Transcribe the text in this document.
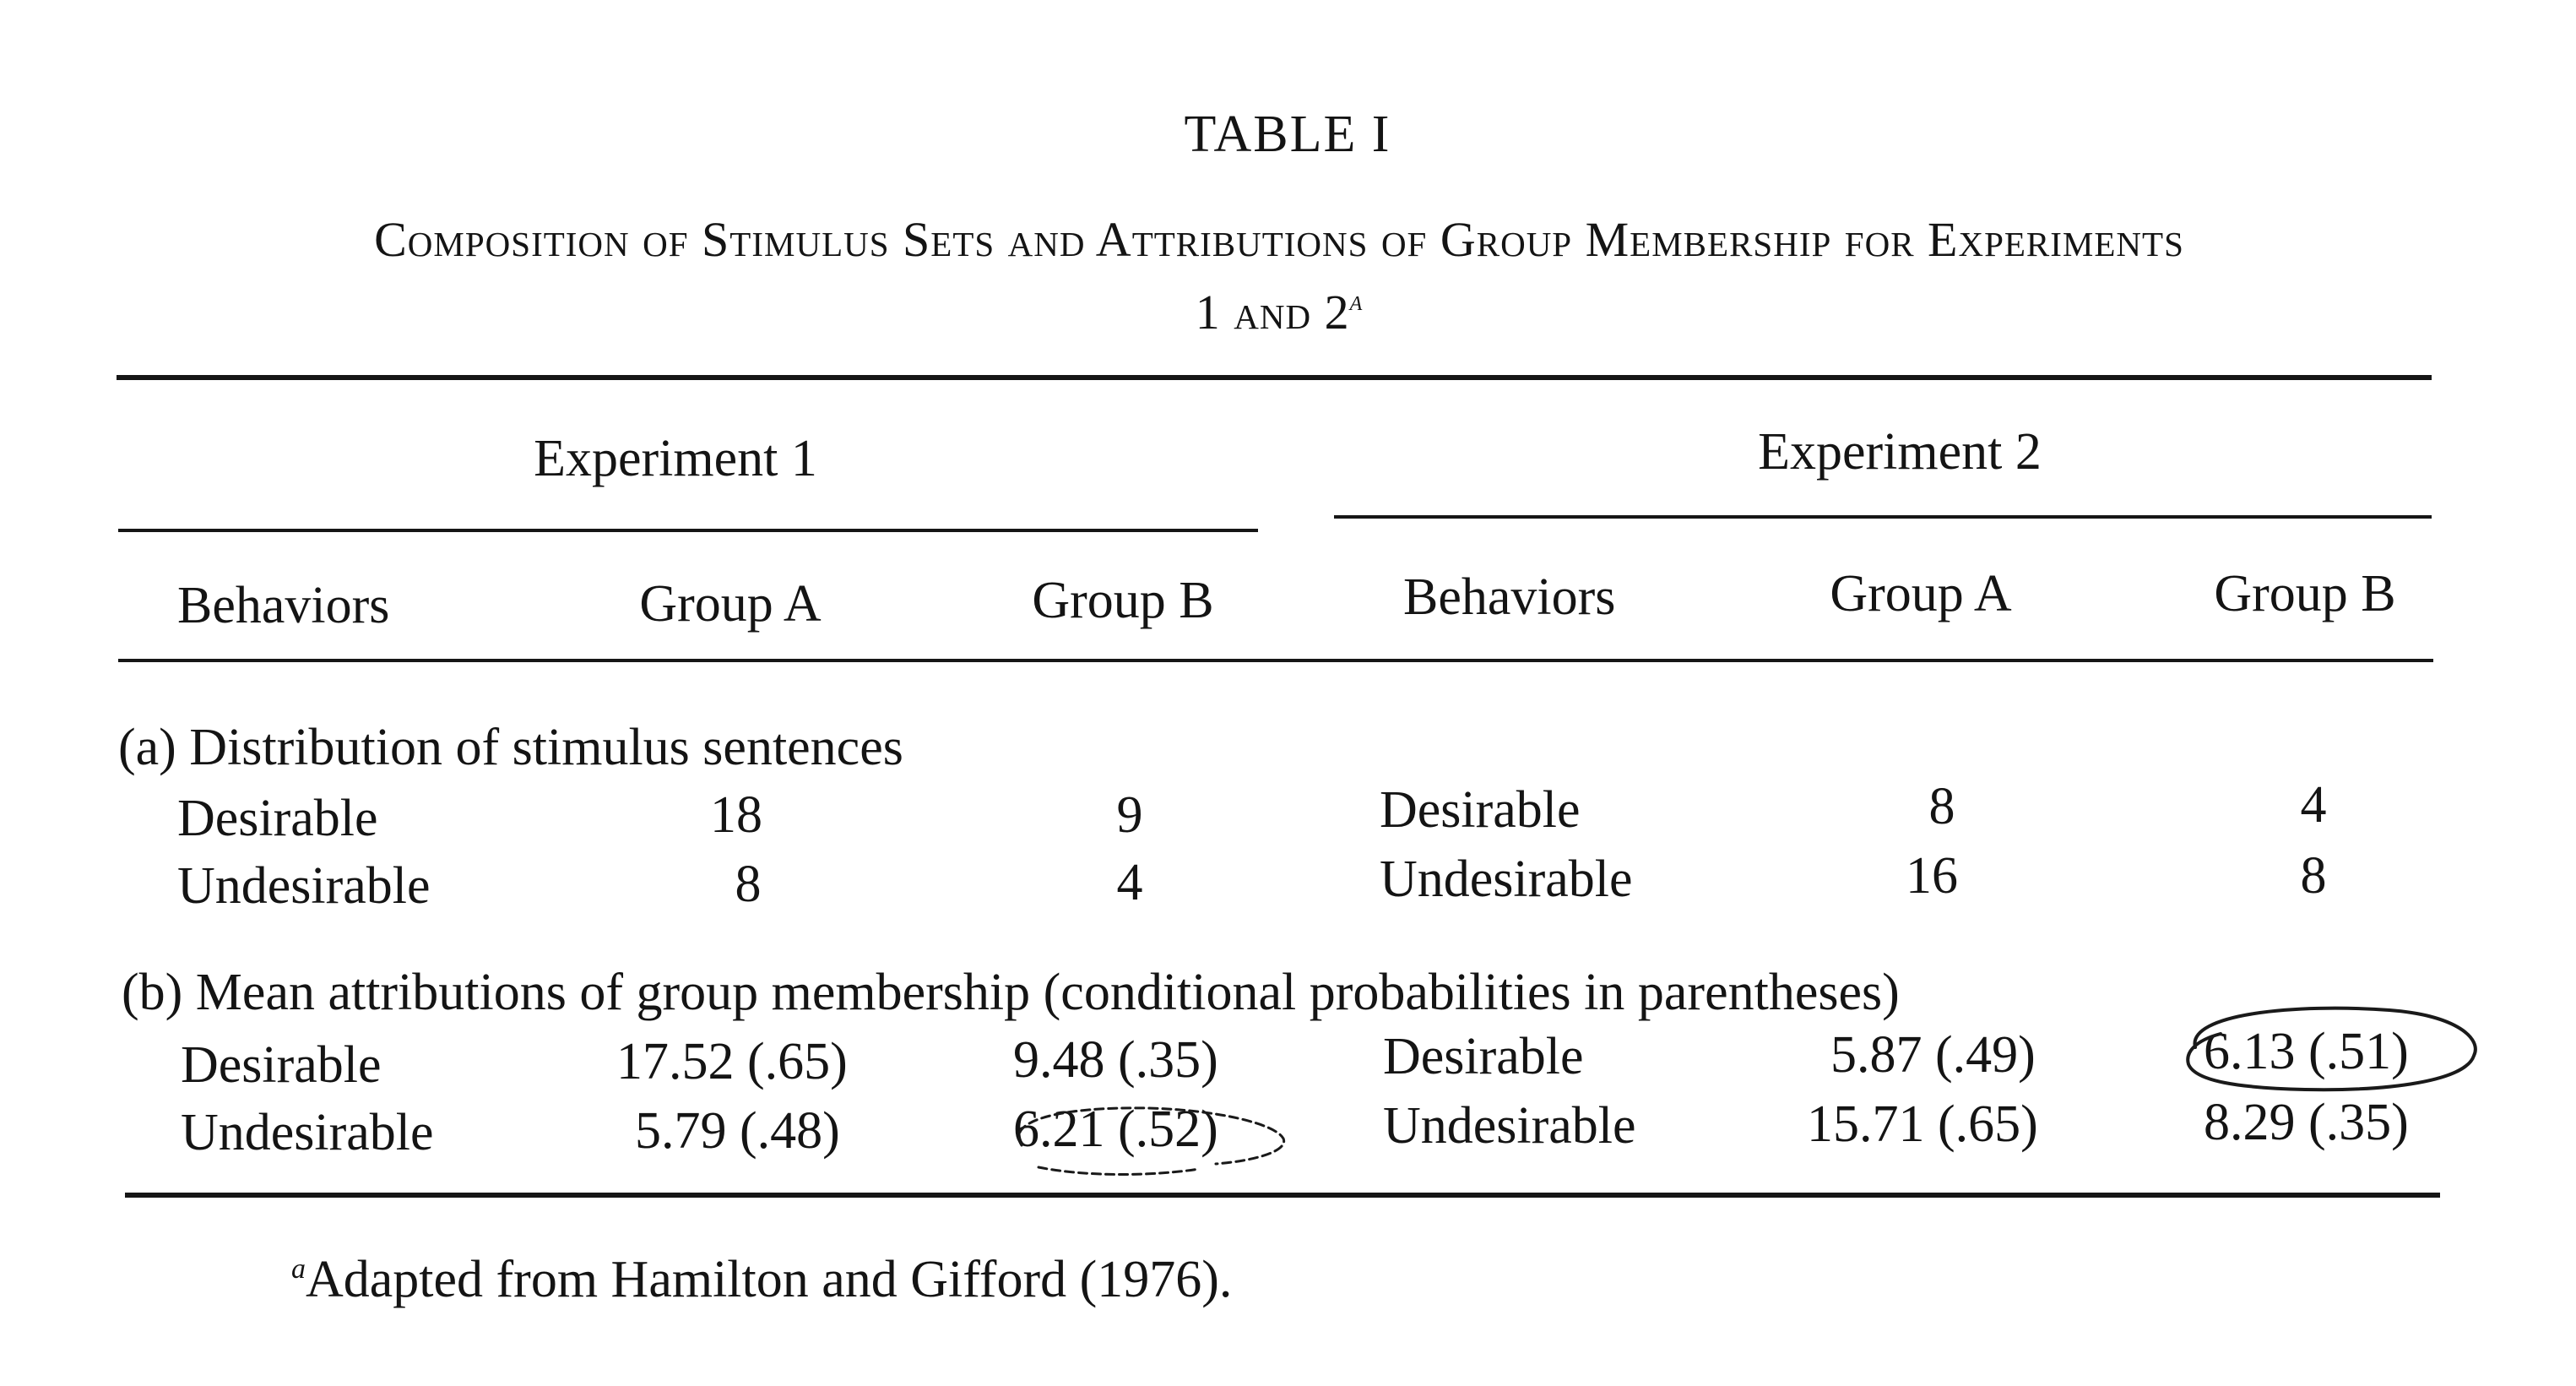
TABLE I
Composition of Stimulus Sets and Attributions of Group Membership for Experiments
1 and 2$^a$
Experiment 1	Experiment 2
Behaviors	Group A	Group B	Behaviors	Group A	Group B
(a) Distribution of stimulus sentences
Desirable	18	9	Desirable	8	4
Undesirable	8	4	Undesirable	16	8
(b) Mean attributions of group membership (conditional probabilities in parentheses)
Desirable	17.52 (.65)	9.48 (.35)	Desirable	5.87 (.49)	6.13 (.51)
Undesirable	5.79 (.48)	6.21 (.52)	Undesirable	15.71 (.65)	8.29 (.35)
$^a$Adapted from Hamilton and Gifford (1976).
